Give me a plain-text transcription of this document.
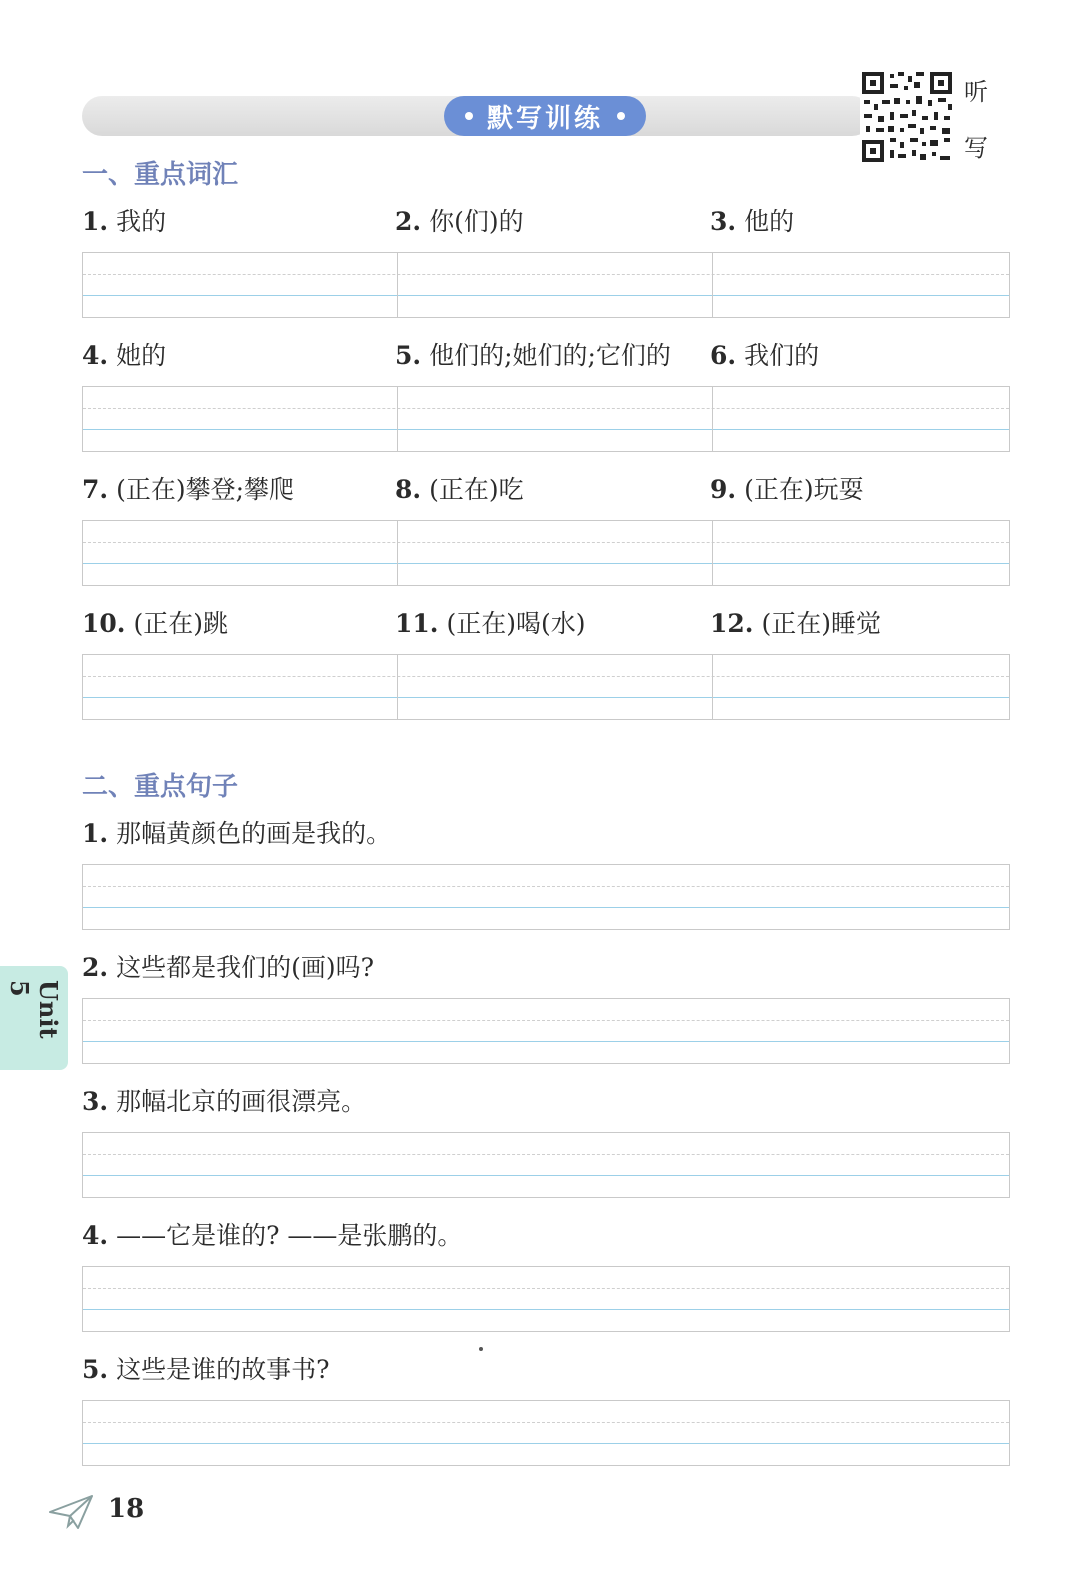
默写训练
听
写
一、重点词汇
1. 我的	2. 你(们)的	3. 他的
4. 她的	5. 他们的;她们的;它们的 6. 我们的
7. (正在)攀登;攀爬	8. (正在)吃	9. (正在)玩耍
10. (正在)跳	11. (正在)喝(水)	12. (正在)睡觉
二、重点句子
1. 那幅黄颜色的画是我的。
2. 这些都是我们的(画)吗?
3. 那幅北京的画很漂亮。
4. ——它是谁的? ——是张鹏的。
5. 这些是谁的故事书?
Unit 5
18
